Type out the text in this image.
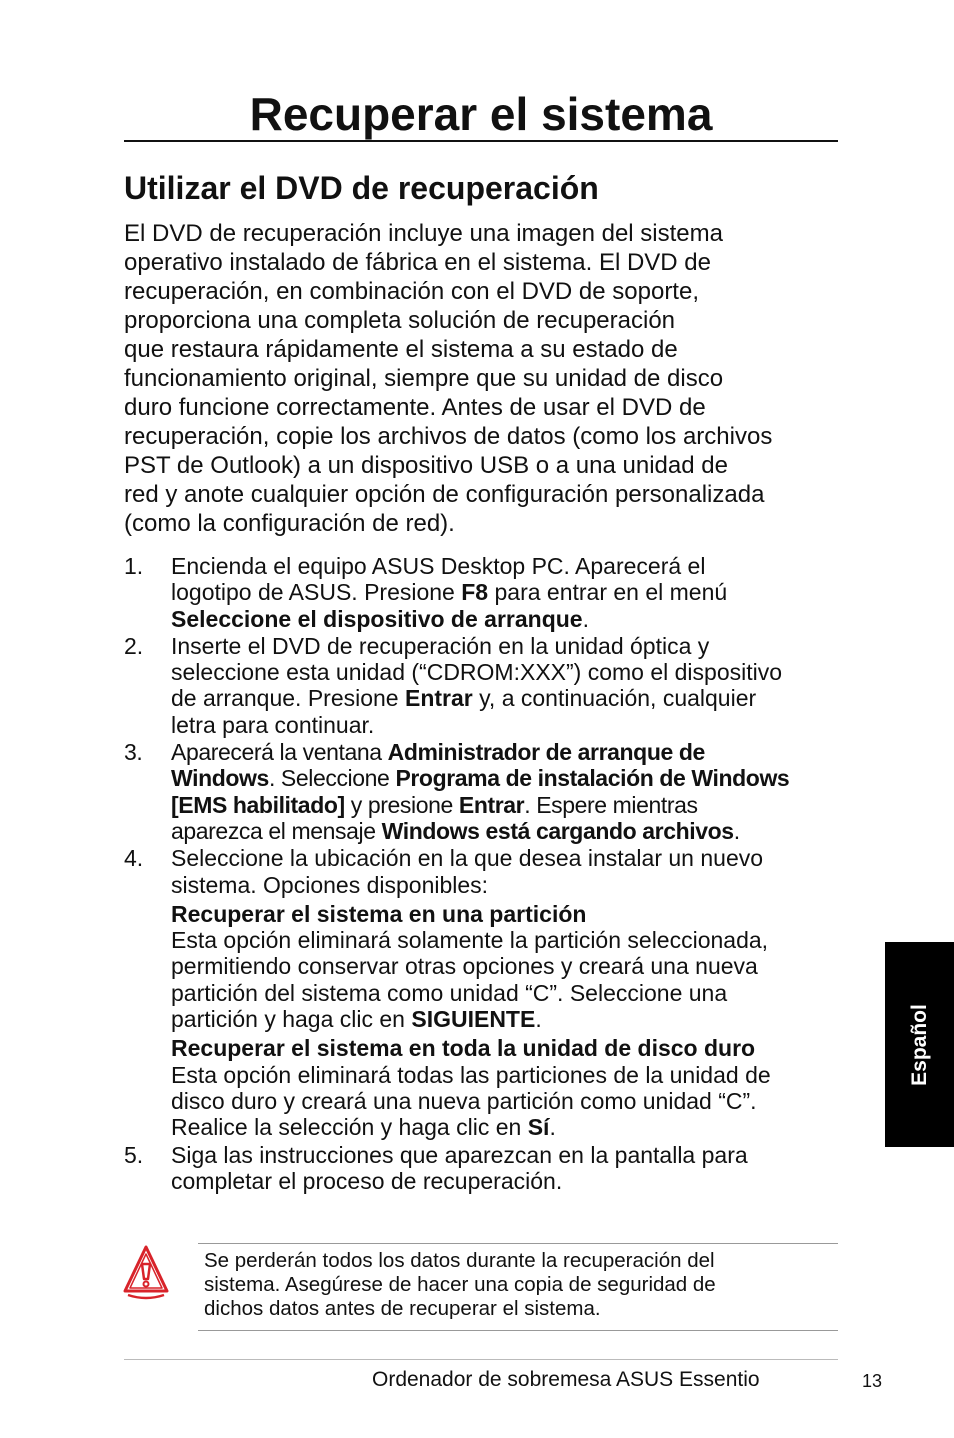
Recuperar el sistema
Utilizar el DVD de recuperación
El DVD de recuperación incluye una imagen del sistema
operativo instalado de fábrica en el sistema. El DVD de
recuperación, en combinación con el DVD de soporte,
proporciona una completa solución de recuperación
que restaura rápidamente el sistema a su estado de
funcionamiento original, siempre que su unidad de disco
duro funcione correctamente. Antes de usar el DVD de
recuperación, copie los archivos de datos (como los archivos
PST de Outlook) a un dispositivo USB o a una unidad de
red y anote cualquier opción de configuración personalizada
(como la configuración de red).
1. Encienda el equipo ASUS Desktop PC. Aparecerá el
logotipo de ASUS. Presione F8 para entrar en el menú
Seleccione el dispositivo de arranque.
2. Inserte el DVD de recuperación en la unidad óptica y
seleccione esta unidad (“CDROM:XXX”) como el dispositivo
de arranque. Presione Entrar y, a continuación, cualquier
letra para continuar.
3. Aparecerá la ventana Administrador de arranque de
Windows. Seleccione Programa de instalación de Windows
[EMS habilitado] y presione Entrar. Espere mientras
aparezca el mensaje Windows está cargando archivos.
4. Seleccione la ubicación en la que desea instalar un nuevo
sistema. Opciones disponibles:
Recuperar el sistema en una partición
Esta opción eliminará solamente la partición seleccionada,
permitiendo conservar otras opciones y creará una nueva
partición del sistema como unidad “C”. Seleccione una
partición y haga clic en SIGUIENTE.
Recuperar el sistema en toda la unidad de disco duro
Esta opción eliminará todas las particiones de la unidad de
disco duro y creará una nueva partición como unidad “C”.
Realice la selección y haga clic en Sí.
5. Siga las instrucciones que aparezcan en la pantalla para
completar el proceso de recuperación.
Se perderán todos los datos durante la recuperación del
sistema. Asegúrese de hacer una copia de seguridad de
dichos datos antes de recuperar el sistema.
Ordenador de sobremesa ASUS Essentio	13
Español
